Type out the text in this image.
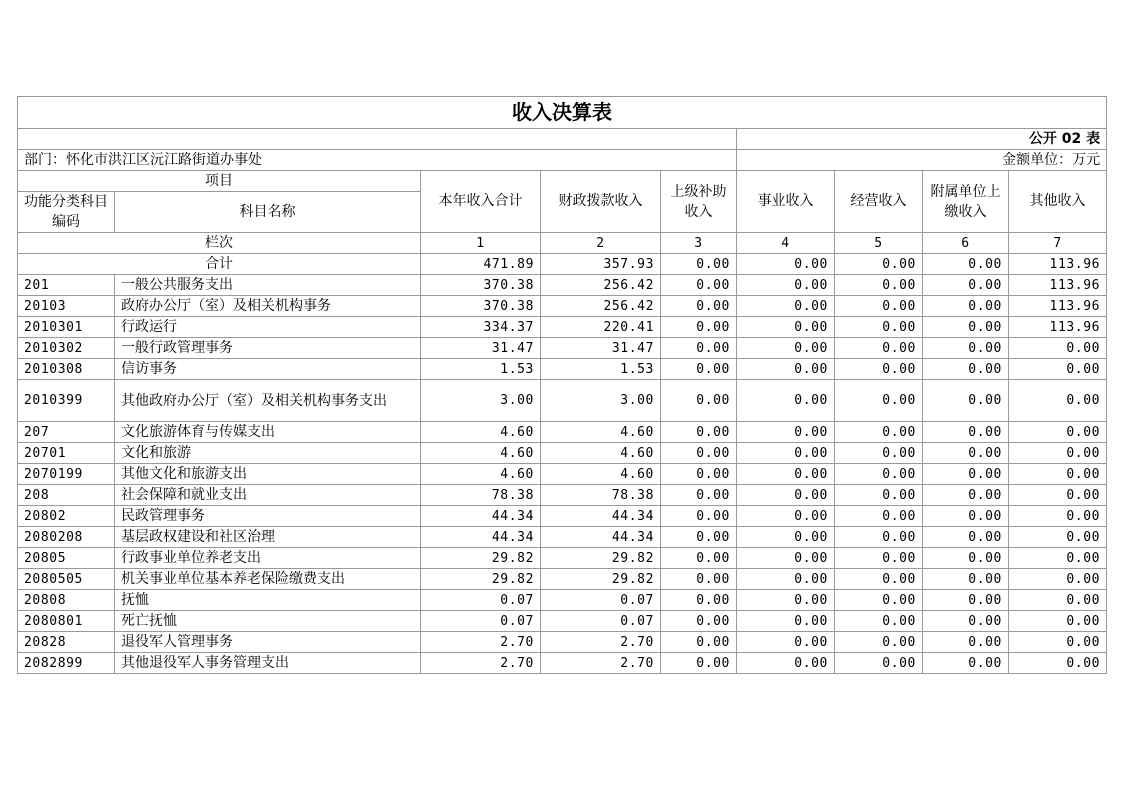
收入决算表								
					公开 02 表			
部门：怀化市洪江区沅江路街道办事处					金额单位：万元			
项目		本年收入合计	财政拨款收入	上级补助收入	事业收入	经营收入	附属单位上缴收入	其他收入
功能分类科目编码	科目名称							
栏次		1	2	3	4	5	6	7
合计		471.89	357.93	0.00	0.00	0.00	0.00	113.96
201	一般公共服务支出	370.38	256.42	0.00	0.00	0.00	0.00	113.96
20103	政府办公厅（室）及相关机构事务	370.38	256.42	0.00	0.00	0.00	0.00	113.96
2010301	行政运行	334.37	220.41	0.00	0.00	0.00	0.00	113.96
2010302	一般行政管理事务	31.47	31.47	0.00	0.00	0.00	0.00	0.00
2010308	信访事务	1.53	1.53	0.00	0.00	0.00	0.00	0.00
2010399	其他政府办公厅（室）及相关机构事务支出	3.00	3.00	0.00	0.00	0.00	0.00	0.00
207	文化旅游体育与传媒支出	4.60	4.60	0.00	0.00	0.00	0.00	0.00
20701	文化和旅游	4.60	4.60	0.00	0.00	0.00	0.00	0.00
2070199	其他文化和旅游支出	4.60	4.60	0.00	0.00	0.00	0.00	0.00
208	社会保障和就业支出	78.38	78.38	0.00	0.00	0.00	0.00	0.00
20802	民政管理事务	44.34	44.34	0.00	0.00	0.00	0.00	0.00
2080208	基层政权建设和社区治理	44.34	44.34	0.00	0.00	0.00	0.00	0.00
20805	行政事业单位养老支出	29.82	29.82	0.00	0.00	0.00	0.00	0.00
2080505	机关事业单位基本养老保险缴费支出	29.82	29.82	0.00	0.00	0.00	0.00	0.00
20808	抚恤	0.07	0.07	0.00	0.00	0.00	0.00	0.00
2080801	死亡抚恤	0.07	0.07	0.00	0.00	0.00	0.00	0.00
20828	退役军人管理事务	2.70	2.70	0.00	0.00	0.00	0.00	0.00
2082899	其他退役军人事务管理支出	2.70	2.70	0.00	0.00	0.00	0.00	0.00
